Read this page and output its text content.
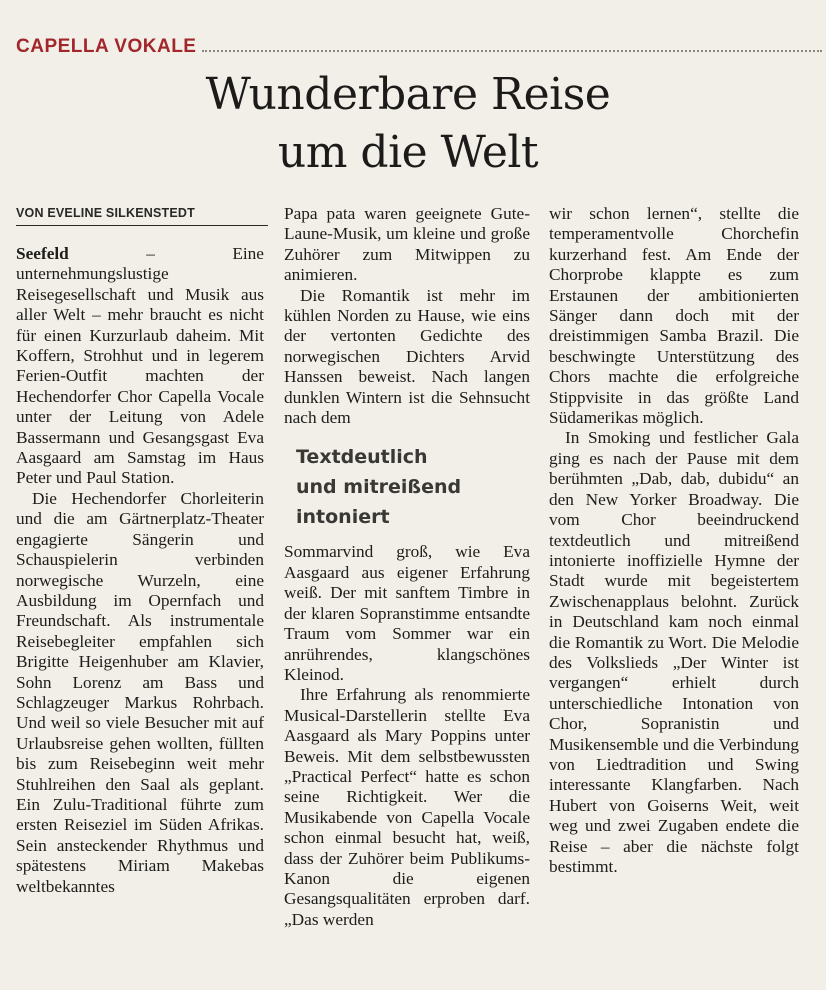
CAPELLA VOKALE
Wunderbare Reise
um die Welt
VON EVELINE SILKENSTEDT

Seefeld	– Eine unternehmungslustige Reisegesellschaft und Musik aus aller Welt – mehr braucht es nicht für einen Kurzurlaub daheim. Mit Koffern, Strohhut und in legerem Ferien-Outfit machten der Hechendorfer Chor Capella Vocale unter der Leitung von Adele Bassermann und Gesangsgast Eva Aasgaard am Samstag im Haus Peter und Paul Station.

Die Hechendorfer Chorleiterin und die am Gärtnerplatz-Theater engagierte Sängerin und Schauspielerin verbinden norwegische Wurzeln, eine Ausbildung im Opernfach und Freundschaft. Als instrumentale Reisebegleiter empfahlen sich Brigitte Heigenhuber am Klavier, Sohn Lorenz am Bass und Schlagzeuger Markus Rohrbach. Und weil so viele Besucher mit auf Urlaubsreise gehen wollten, füllten bis zum Reisebeginn weit mehr Stuhlreihen den Saal als geplant. Ein Zulu-Traditional führte zum ersten Reiseziel im Süden Afrikas. Sein ansteckender Rhythmus und spätestens Miriam Makebas weltbekanntes

Papa pata waren geeignete Gute-Laune-Musik, um kleine und große Zuhörer zum Mitwippen zu animieren.

Die Romantik ist mehr im kühlen Norden zu Hause, wie eins der vertonten Gedichte des norwegischen Dichters Arvid Hanssen beweist. Nach langen dunklen Wintern ist die Sehnsucht nach dem

Textdeutlich
und mitreißend
intoniert

Sommarvind groß, wie Eva Aasgaard aus eigener Erfahrung weiß. Der mit sanftem Timbre in der klaren Sopranstimme entsandte Traum vom Sommer war ein anrührendes, klangschönes Kleinod.

Ihre Erfahrung als renommierte Musical-Darstellerin stellte Eva Aasgaard als Mary Poppins unter Beweis. Mit dem selbstbewussten „Practical Perfect“ hatte es schon seine Richtigkeit. Wer die Musikabende von Capella Vocale schon einmal besucht hat, weiß, dass der Zuhörer beim Publikums-Kanon die eigenen Gesangsqualitäten erproben darf. „Das werden

wir schon lernen“, stellte die temperamentvolle Chorchefin kurzerhand fest. Am Ende der Chorprobe klappte es zum Erstaunen der ambitionierten Sänger dann doch mit der dreistimmigen Samba Brazil. Die beschwingte Unterstützung des Chors machte die erfolgreiche Stippvisite in das größte Land Südamerikas möglich.

In Smoking und festlicher Gala ging es nach der Pause mit dem berühmten „Dab, dab, dubidu“ an den New Yorker Broadway. Die vom Chor beeindruckend textdeutlich und mitreißend intonierte inoffizielle Hymne der Stadt wurde mit begeistertem Zwischenapplaus belohnt. Zurück in Deutschland kam noch einmal die Romantik zu Wort. Die Melodie des Volkslieds „Der Winter ist vergangen“ erhielt durch unterschiedliche Intonation von Chor, Sopranistin und Musikensemble und die Verbindung von Liedtradition und Swing interessante Klangfarben. Nach Hubert von Goiserns Weit, weit weg und zwei Zugaben endete die Reise – aber die nächste folgt bestimmt.
